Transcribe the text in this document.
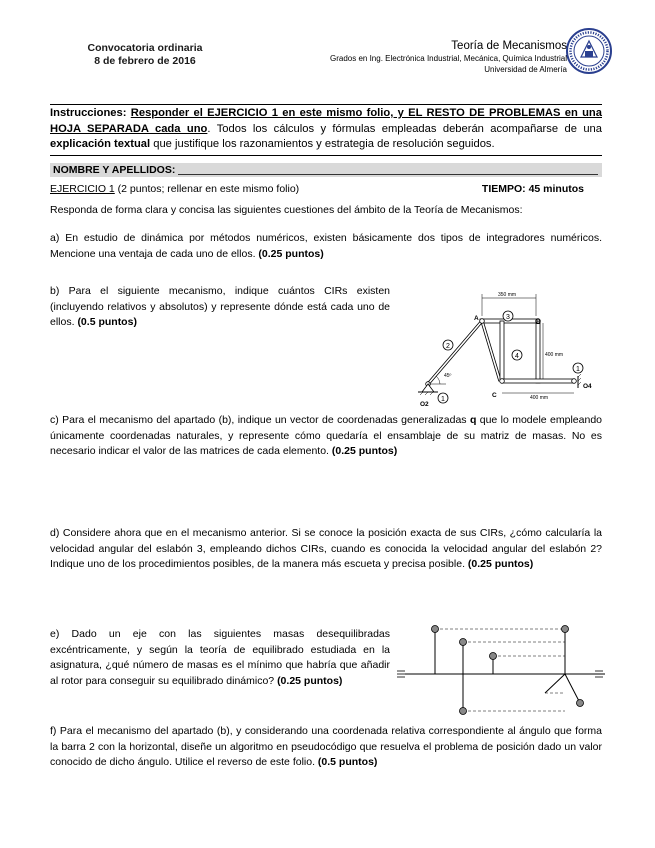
Convocatoria ordinaria
8 de febrero de 2016
Teoría de Mecanismos
Grados en Ing. Electrónica Industrial, Mecánica, Química Industrial
Universidad de Almería
Instrucciones: Responder el EJERCICIO 1 en este mismo folio, y EL RESTO DE PROBLEMAS en una HOJA SEPARADA cada uno. Todos los cálculos y fórmulas empleadas deberán acompañarse de una explicación textual que justifique los razonamientos y estrategia de resolución seguidos.
NOMBRE Y APELLIDOS:
EJERCICIO 1 (2 puntos; rellenar en este mismo folio)	TIEMPO: 45 minutos
Responda de forma clara y concisa las siguientes cuestiones del ámbito de la Teoría de Mecanismos:
a) En estudio de dinámica por métodos numéricos, existen básicamente dos tipos de integradores numéricos. Mencione una ventaja de cada uno de ellos. (0.25 puntos)
b) Para el siguiente mecanismo, indique cuántos CIRs existen (incluyendo relativos y absolutos) y represente dónde está cada uno de ellos. (0.5 puntos)
350 mm
400 mm
400 mm
45º
A
B
C
O2
O4
3
2
4
1
1
c) Para el mecanismo del apartado (b), indique un vector de coordenadas generalizadas q que lo modele empleando únicamente coordenadas naturales, y represente cómo quedaría el ensamblaje de su matriz de masas. No es necesario indicar el valor de las matrices de cada elemento. (0.25 puntos)
d) Considere ahora que en el mecanismo anterior. Si se conoce la posición exacta de sus CIRs, ¿cómo calcularía la velocidad angular del eslabón 3, empleando dichos CIRs, cuando es conocida la velocidad angular del eslabón 2? Indique uno de los procedimientos posibles, de la manera más escueta y precisa posible. (0.25 puntos)
e) Dado un eje con las siguientes masas desequilibradas excéntricamente, y según la teoría de equilibrado estudiada en la asignatura, ¿qué número de masas es el mínimo que habría que añadir al rotor para conseguir su equilibrado dinámico? (0.25 puntos)
f) Para el mecanismo del apartado (b), y considerando una coordenada relativa correspondiente al ángulo que forma la barra 2 con la horizontal, diseñe un algoritmo en pseudocódigo que resuelva el problema de posición dado un valor conocido de dicho ángulo. Utilice el reverso de este folio. (0.5 puntos)
